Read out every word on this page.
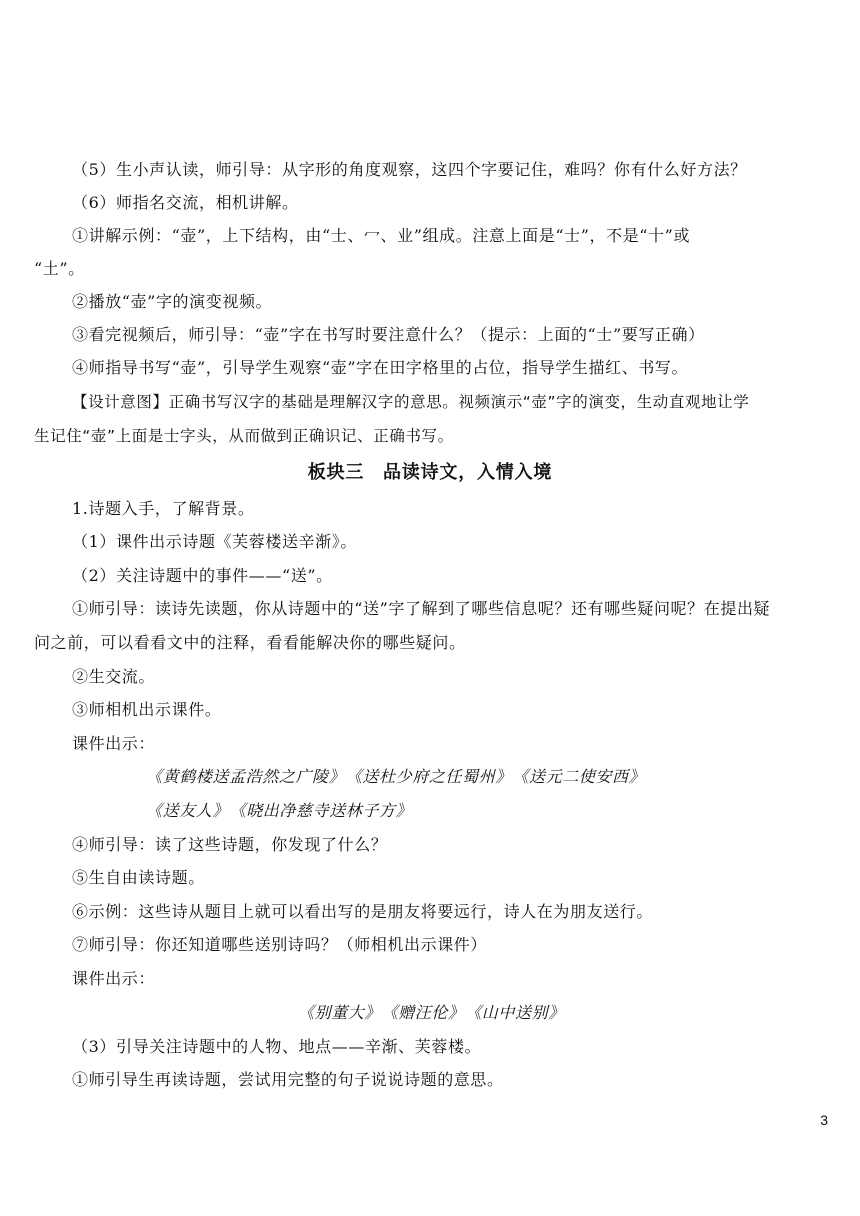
（5）生小声认读，师引导：从字形的角度观察，这四个字要记住，难吗？你有什么好方法？
（6）师指名交流，相机讲解。
①讲解示例：“壶”，上下结构，由“士、冖、业”组成。注意上面是“士”，不是“十”或
“土”。
②播放“壶”字的演变视频。
③看完视频后，师引导：“壶”字在书写时要注意什么？（提示：上面的“士”要写正确）
④师指导书写“壶”，引导学生观察“壶”字在田字格里的占位，指导学生描红、书写。
【设计意图】正确书写汉字的基础是理解汉字的意思。视频演示“壶”字的演变，生动直观地让学
生记住“壶”上面是士字头，从而做到正确识记、正确书写。
板块三　品读诗文，入情入境
1.诗题入手，了解背景。
（1）课件出示诗题《芙蓉楼送辛渐》。
（2）关注诗题中的事件——“送”。
①师引导：读诗先读题，你从诗题中的“送”字了解到了哪些信息呢？还有哪些疑问呢？在提出疑
问之前，可以看看文中的注释，看看能解决你的哪些疑问。
②生交流。
③师相机出示课件。
课件出示：
《黄鹤楼送孟浩然之广陵》　《送杜少府之任蜀州》　《送元二使安西》
《送友人》　《晓出净慈寺送林子方》
④师引导：读了这些诗题，你发现了什么？
⑤生自由读诗题。
⑥示例：这些诗从题目上就可以看出写的是朋友将要远行，诗人在为朋友送行。
⑦师引导：你还知道哪些送别诗吗？（师相机出示课件）
课件出示：
《别董大》　《赠汪伦》　《山中送别》
（3）引导关注诗题中的人物、地点——辛渐、芙蓉楼。
①师引导生再读诗题，尝试用完整的句子说说诗题的意思。
3
